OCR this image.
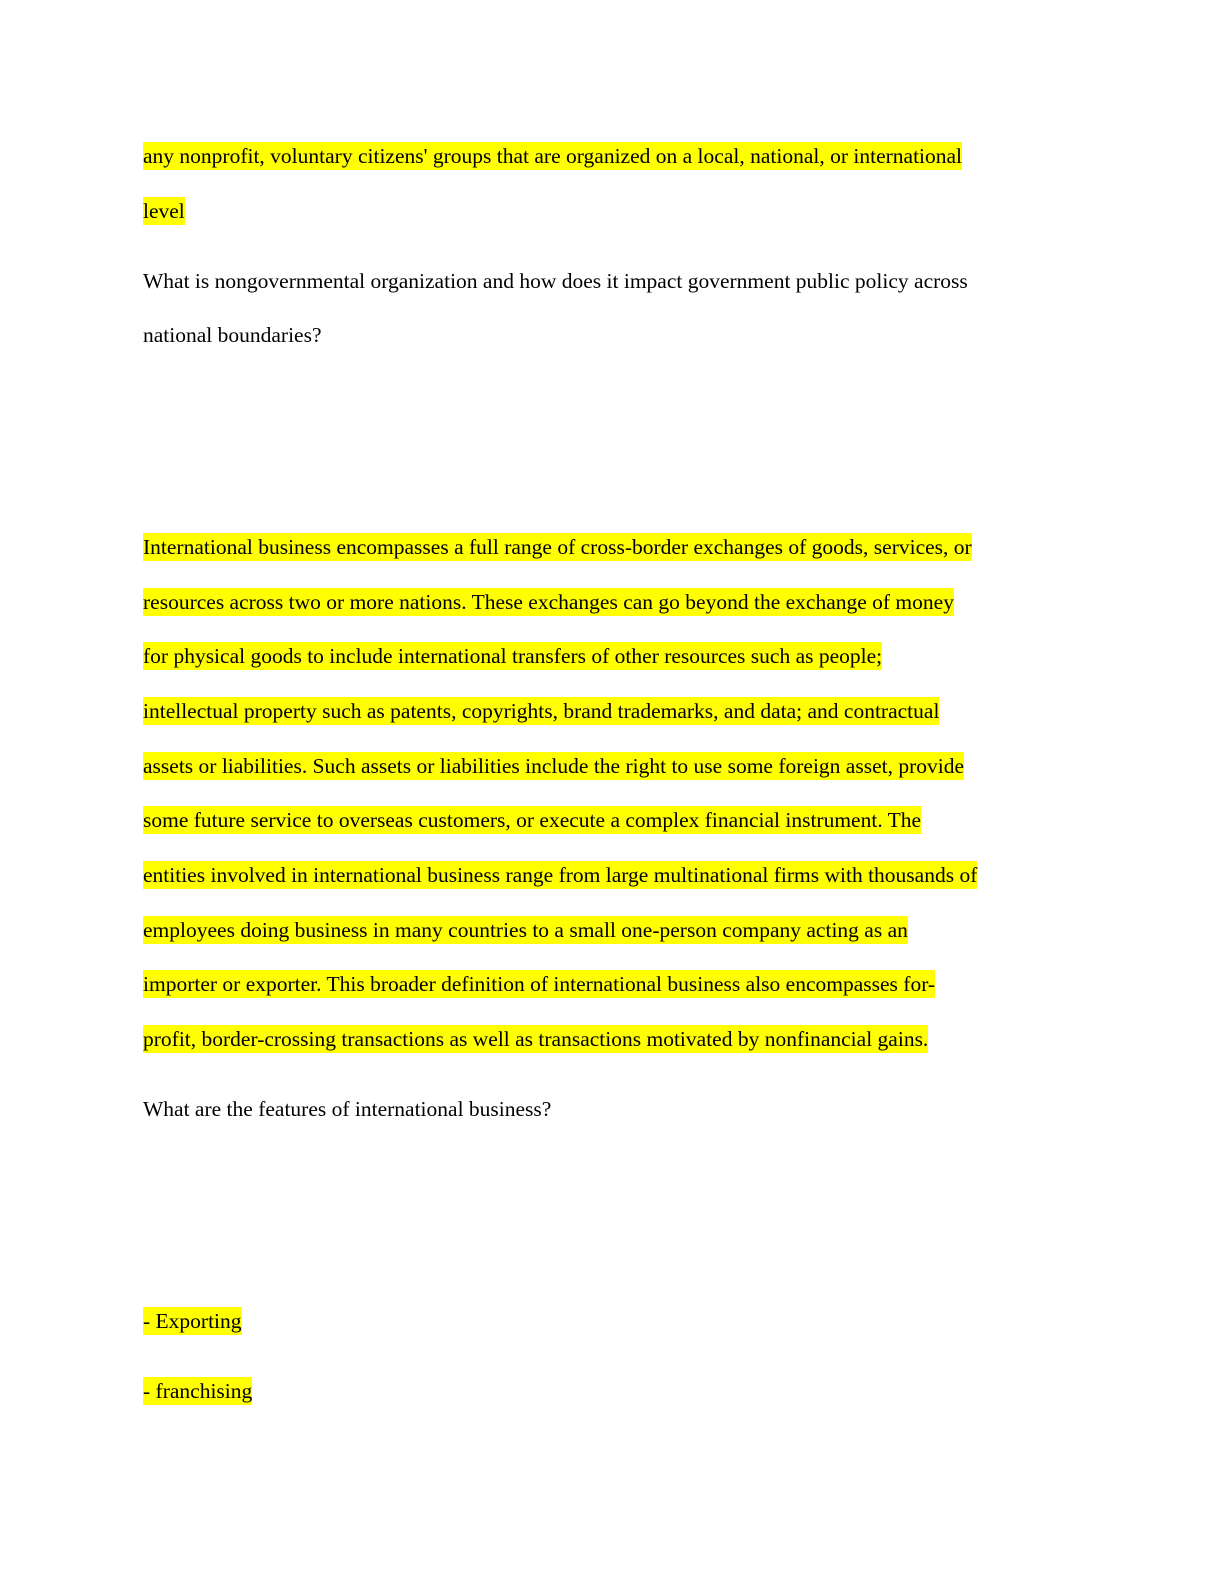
any nonprofit, voluntary citizens' groups that are organized on a local, national, or international
level
What is nongovernmental organization and how does it impact government public policy across
national boundaries?
International business encompasses a full range of cross-border exchanges of goods, services, or
resources across two or more nations. These exchanges can go beyond the exchange of money
for physical goods to include international transfers of other resources such as people;
intellectual property such as patents, copyrights, brand trademarks, and data; and contractual
assets or liabilities. Such assets or liabilities include the right to use some foreign asset, provide
some future service to overseas customers, or execute a complex financial instrument. The
entities involved in international business range from large multinational firms with thousands of
employees doing business in many countries to a small one-person company acting as an
importer or exporter. This broader definition of international business also encompasses for-
profit, border-crossing transactions as well as transactions motivated by nonfinancial gains.
What are the features of international business?
- Exporting
- franchising
